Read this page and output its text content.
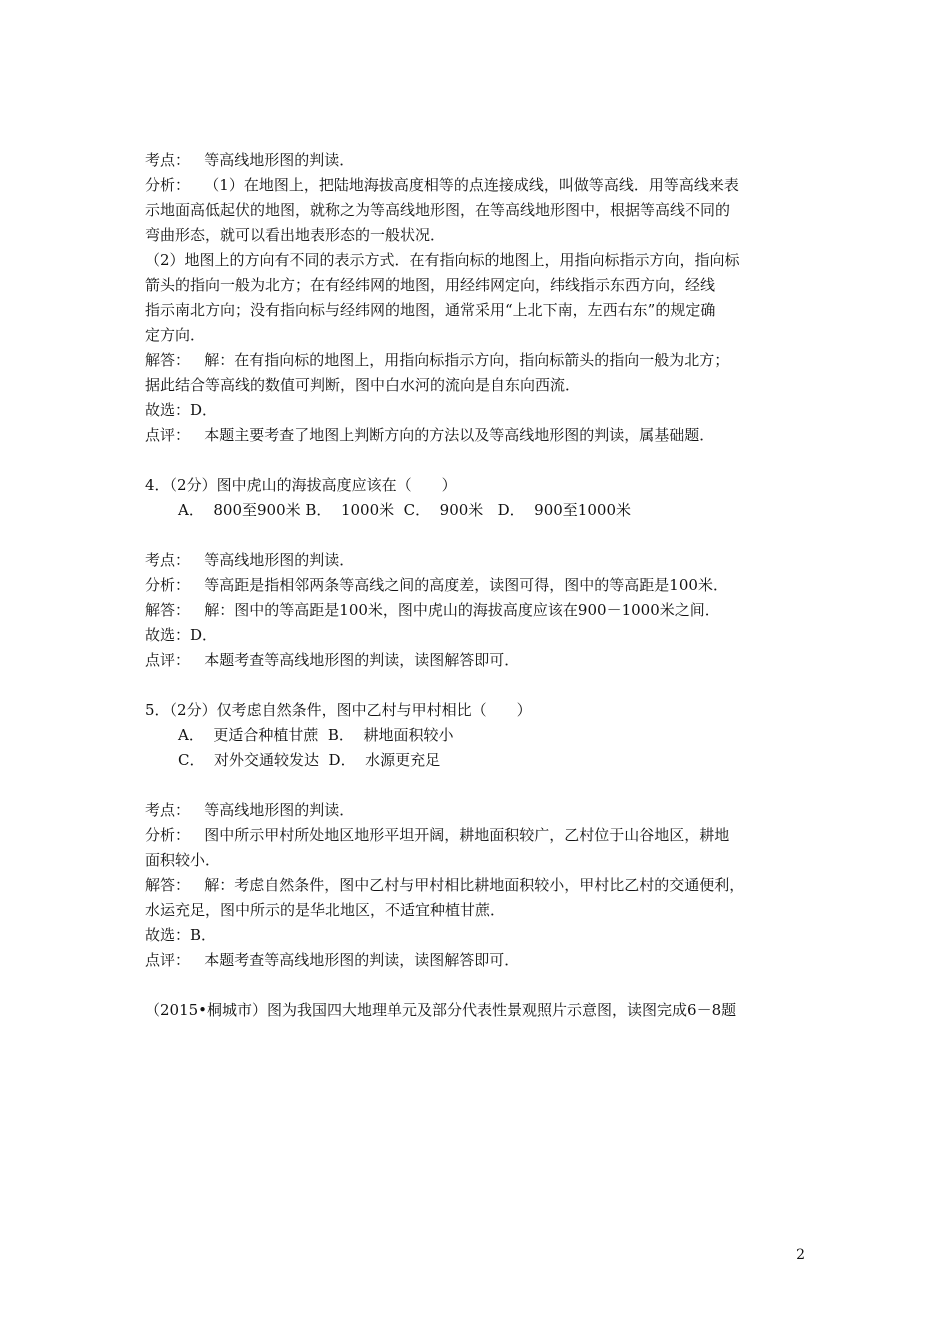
考点：   等高线地形图的判读．
分析：   （1）在地图上，把陆地海拔高度相等的点连接成线，叫做等高线．用等高线来表
示地面高低起伏的地图，就称之为等高线地形图，在等高线地形图中，根据等高线不同的
弯曲形态，就可以看出地表形态的一般状况．
（2）地图上的方向有不同的表示方式．在有指向标的地图上，用指向标指示方向，指向标
箭头的指向一般为北方；在有经纬网的地图，用经纬网定向，纬线指示东西方向，经线
指示南北方向；没有指向标与经纬网的地图，通常采用“上北下南，左西右东”的规定确
定方向．
解答：   解：在有指向标的地图上，用指向标指示方向，指向标箭头的指向一般为北方；
据此结合等高线的数值可判断，图中白水河的流向是自东向西流．
故选：D．
点评：   本题主要考查了地图上判断方向的方法以及等高线地形图的判读，属基础题．
4．（2分）图中虎山的海拔高度应该在（　　）
A．  800至900米 B．  1000米  C．  900米   D．  900至1000米
考点：   等高线地形图的判读．
分析：   等高距是指相邻两条等高线之间的高度差，读图可得，图中的等高距是100米．
解答：   解：图中的等高距是100米，图中虎山的海拔高度应该在900－1000米之间．
故选：D．
点评：   本题考查等高线地形图的判读，读图解答即可．
5．（2分）仅考虑自然条件，图中乙村与甲村相比（　　）
A．  更适合种植甘蔗  B．  耕地面积较小
C．  对外交通较发达  D．  水源更充足
考点：   等高线地形图的判读．
分析：   图中所示甲村所处地区地形平坦开阔，耕地面积较广，乙村位于山谷地区，耕地
面积较小．
解答：   解：考虑自然条件，图中乙村与甲村相比耕地面积较小，甲村比乙村的交通便利，
水运充足，图中所示的是华北地区，不适宜种植甘蔗．
故选：B．
点评：   本题考查等高线地形图的判读，读图解答即可．
（2015•桐城市）图为我国四大地理单元及部分代表性景观照片示意图，读图完成6－8题
2
